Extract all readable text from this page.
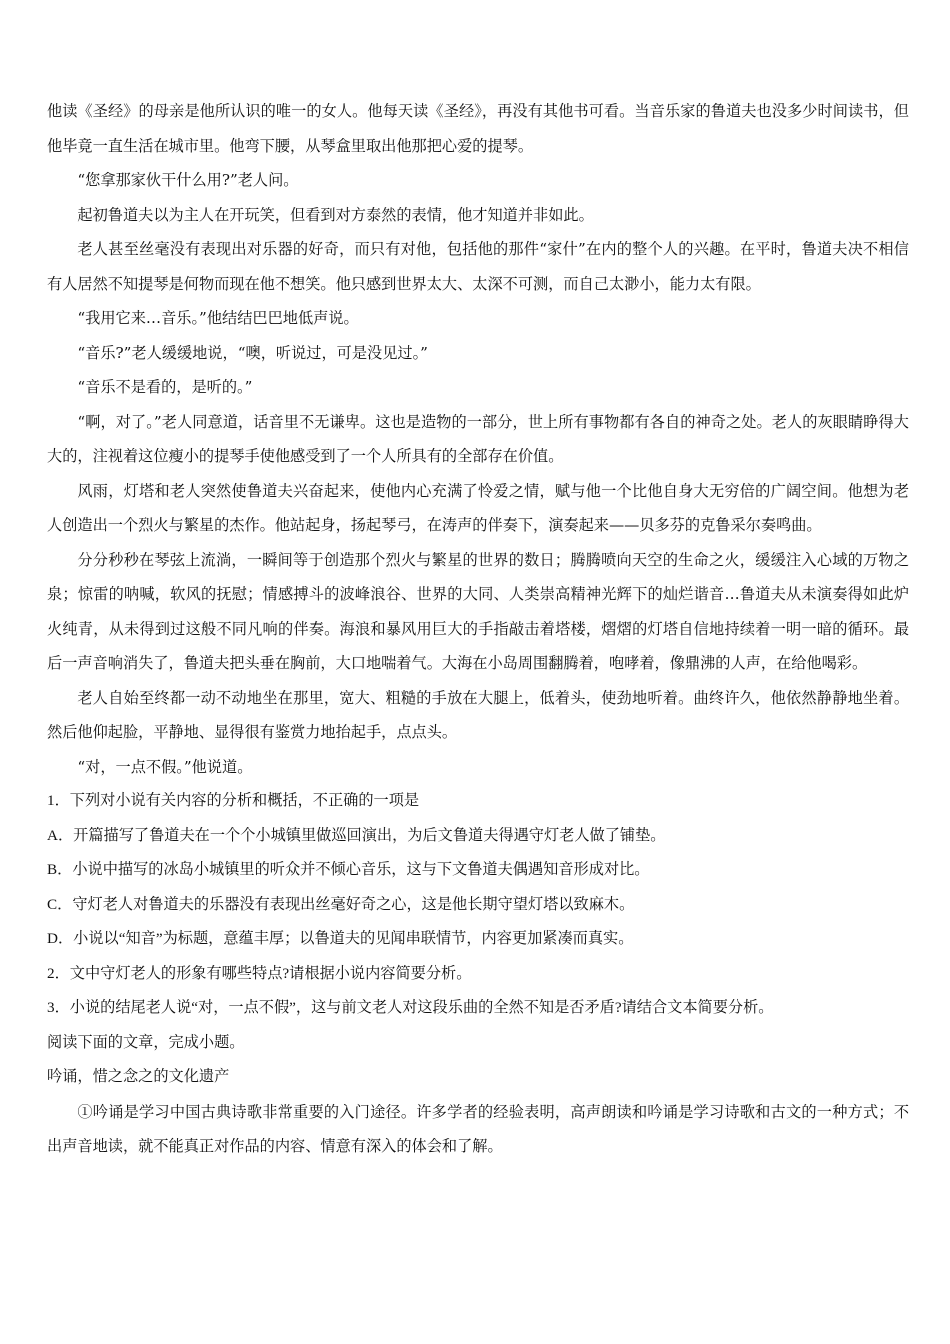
他读《圣经》的母亲是他所认识的唯一的女人。他每天读《圣经》，再没有其他书可看。当音乐家的鲁道夫也没多少时间读书，但他毕竟一直生活在城市里。他弯下腰，从琴盒里取出他那把心爱的提琴。

“您拿那家伙干什么用?”老人问。

起初鲁道夫以为主人在开玩笑，但看到对方泰然的表情，他才知道并非如此。

老人甚至丝毫没有表现出对乐器的好奇，而只有对他，包括他的那件“家什”在内的整个人的兴趣。在平时，鲁道夫决不相信有人居然不知提琴是何物而现在他不想笑。他只感到世界太大、太深不可测，而自己太渺小，能力太有限。

“我用它来…音乐。”他结结巴巴地低声说。

“音乐?”老人缓缓地说，“噢，听说过，可是没见过。”

“音乐不是看的，是听的。”

“啊，对了。”老人同意道，话音里不无谦卑。这也是造物的一部分，世上所有事物都有各自的神奇之处。老人的灰眼睛睁得大大的，注视着这位瘦小的提琴手使他感受到了一个人所具有的全部存在价值。

风雨，灯塔和老人突然使鲁道夫兴奋起来，使他内心充满了怜爱之情，赋与他一个比他自身大无穷倍的广阔空间。他想为老人创造出一个烈火与繁星的杰作。他站起身，扬起琴弓，在涛声的伴奏下，演奏起来——贝多芬的克鲁采尔奏鸣曲。

分分秒秒在琴弦上流淌，一瞬间等于创造那个烈火与繁星的世界的数日；腾腾喷向天空的生命之火，缓缓注入心域的万物之泉；惊雷的呐喊，软风的抚慰；情感搏斗的波峰浪谷、世界的大同、人类崇高精神光辉下的灿烂谐音…鲁道夫从未演奏得如此炉火纯青，从未得到过这般不同凡响的伴奏。海浪和暴风用巨大的手指敲击着塔楼，熠熠的灯塔自信地持续着一明一暗的循环。最后一声音响消失了，鲁道夫把头垂在胸前，大口地喘着气。大海在小岛周围翻腾着，咆哮着，像鼎沸的人声，在给他喝彩。

老人自始至终都一动不动地坐在那里，宽大、粗糙的手放在大腿上，低着头，使劲地听着。曲终许久，他依然静静地坐着。然后他仰起脸，平静地、显得很有鉴赏力地抬起手，点点头。

“对，一点不假。”他说道。

1．下列对小说有关内容的分析和概括，不正确的一项是

A．开篇描写了鲁道夫在一个个小城镇里做巡回演出，为后文鲁道夫得遇守灯老人做了铺垫。

B．小说中描写的冰岛小城镇里的听众并不倾心音乐，这与下文鲁道夫偶遇知音形成对比。

C．守灯老人对鲁道夫的乐器没有表现出丝毫好奇之心，这是他长期守望灯塔以致麻木。

D．小说以“知音”为标题，意蕴丰厚；以鲁道夫的见闻串联情节，内容更加紧凑而真实。

2．文中守灯老人的形象有哪些特点?请根据小说内容简要分析。

3．小说的结尾老人说“对，一点不假”，这与前文老人对这段乐曲的全然不知是否矛盾?请结合文本简要分析。

阅读下面的文章，完成小题。

吟诵，惜之念之的文化遗产

①吟诵是学习中国古典诗歌非常重要的入门途径。许多学者的经验表明，高声朗读和吟诵是学习诗歌和古文的一种方式；不出声音地读，就不能真正对作品的内容、情意有深入的体会和了解。
